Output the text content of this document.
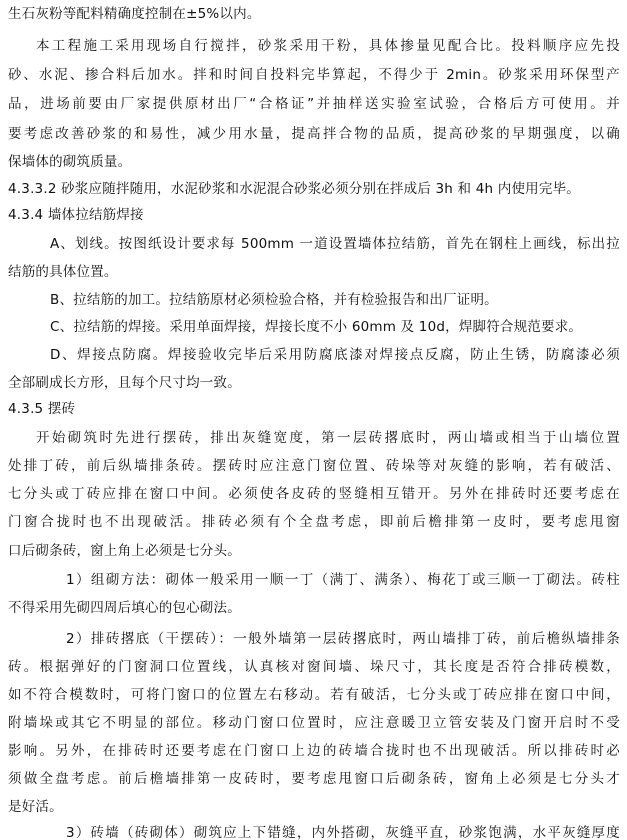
生石灰粉等配料精确度控制在±5%以内。
本工程施工采用现场自行搅拌，砂浆采用干粉，具体掺量见配合比。投料顺序应先投
砂、水泥、掺合料后加水。拌和时间自投料完毕算起，不得少于 2min。砂浆采用环保型产
品，进场前要由厂家提供原材出厂“合格证”并抽样送实验室试验，合格后方可使用。并
要考虑改善砂浆的和易性，减少用水量，提高拌合物的品质，提高砂浆的早期强度，以确
保墙体的砌筑质量。
4.3.3.2 砂浆应随拌随用，水泥砂浆和水泥混合砂浆必须分别在拌成后 3h 和 4h 内使用完毕。
4.3.4 墙体拉结筋焊接
A、划线。按图纸设计要求每 500mm 一道设置墙体拉结筋，首先在钢柱上画线，标出拉
结筋的具体位置。
B、拉结筋的加工。拉结筋原材必须检验合格，并有检验报告和出厂证明。
C、拉结筋的焊接。采用单面焊接，焊接长度不小 60mm 及 10d，焊脚符合规范要求。
D、焊接点防腐。焊接验收完毕后采用防腐底漆对焊接点反腐，防止生锈，防腐漆必须
全部刷成长方形，且每个尺寸均一致。
4.3.5 摆砖
开始砌筑时先进行摆砖，排出灰缝宽度，第一层砖撂底时，两山墙或相当于山墙位置
处排丁砖，前后纵墙排条砖。摆砖时应注意门窗位置、砖垛等对灰缝的影响，若有破活、
七分头或丁砖应排在窗口中间。必须使各皮砖的竖缝相互错开。另外在排砖时还要考虑在
门窗合拢时也不出现破活。排砖必须有个全盘考虑，即前后檐排第一皮时，要考虑甩窗
口后砌条砖，窗上角上必须是七分头。
1）组砌方法：砌体一般采用一顺一丁（满丁、满条）、梅花丁或三顺一丁砌法。砖柱
不得采用先砌四周后填心的包心砌法。
2）排砖撂底（干摆砖）：一般外墙第一层砖撂底时，两山墙排丁砖，前后檐纵墙排条
砖。根据弹好的门窗洞口位置线，认真核对窗间墙、垛尺寸，其长度是否符合排砖模数，
如不符合模数时，可将门窗口的位置左右移动。若有破活，七分头或丁砖应排在窗口中间，
附墙垛或其它不明显的部位。移动门窗口位置时，应注意暖卫立管安装及门窗开启时不受
影响。另外，在排砖时还要考虑在门窗口上边的砖墙合拢时也不出现破活。所以排砖时必
须做全盘考虑。前后檐墙排第一皮砖时，要考虑甩窗口后砌条砖，窗角上必须是七分头才
是好活。
3）砖墙（砖砌体）砌筑应上下错缝，内外搭砌，灰缝平直，砂浆饱满，水平灰缝厚度
